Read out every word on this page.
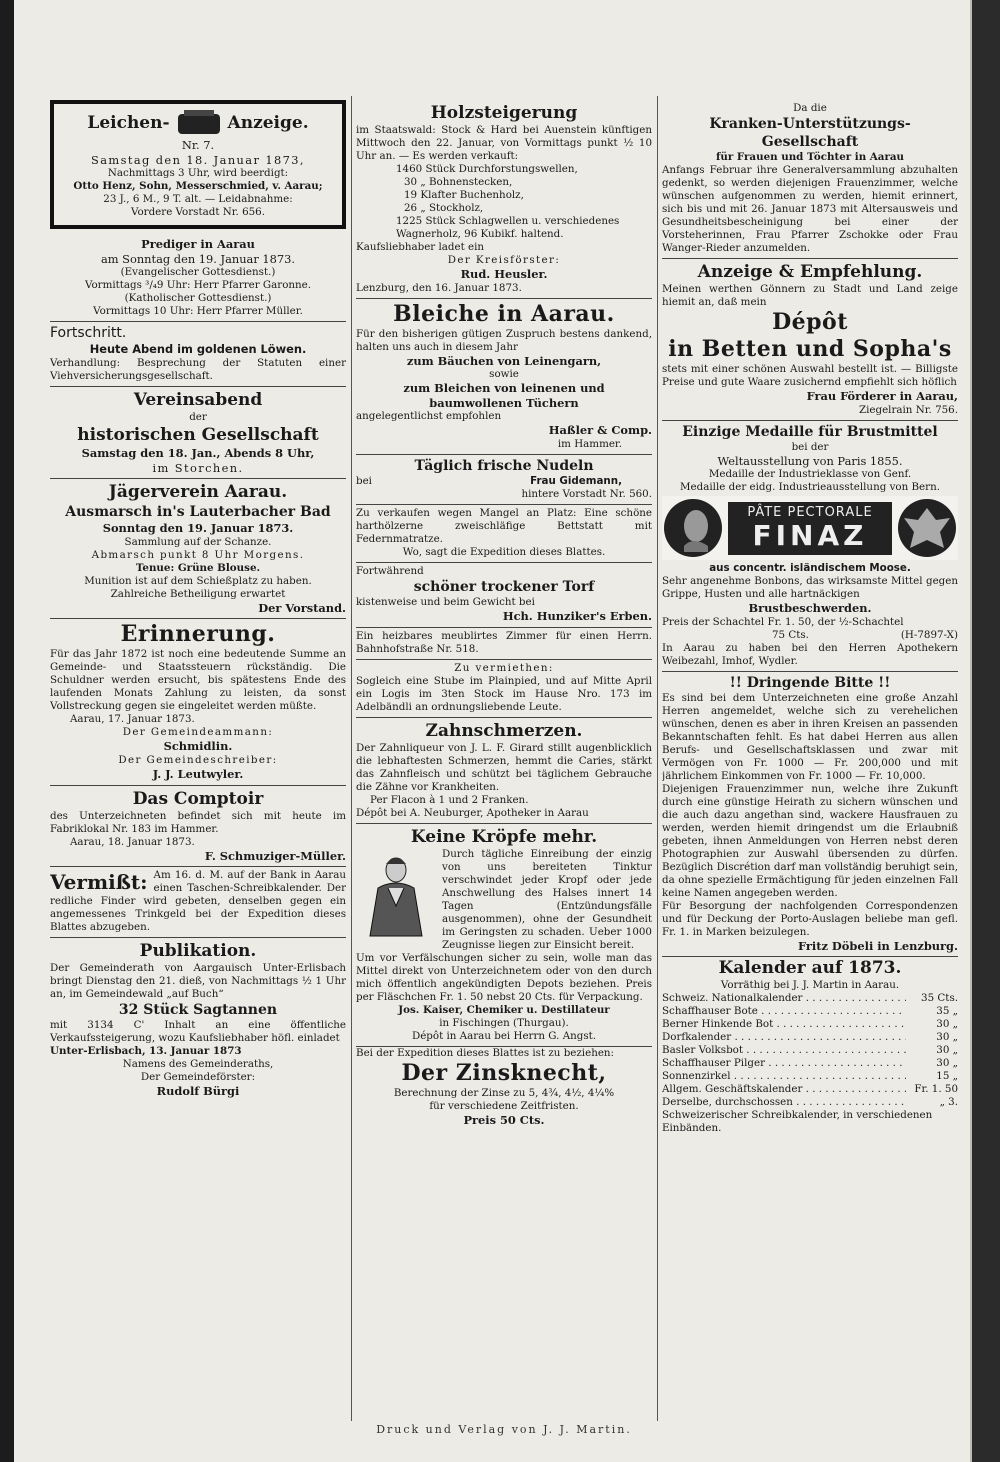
Leichen-	Anzeige.

Nr. 7.

Samstag den 18. Januar 1873,

Nachmittags 3 Uhr, wird beerdigt:

Otto Henz, Sohn, Messerschmied, v. Aarau;

23 J., 6 M., 9 T. alt. — Leidabnahme:

Vordere Vorstadt Nr. 656.

Prediger in Aarau

am Sonntag den 19. Januar 1873.

(Evangelischer Gottesdienst.)

Vormittags ³/₄9 Uhr: Herr Pfarrer Garonne.

(Katholischer Gottesdienst.)

Vormittags 10 Uhr: Herr Pfarrer Müller.

Fortschritt.

Heute Abend im goldenen Löwen.

Verhandlung: Besprechung der Statuten einer Viehversicherungsgesellschaft.

Vereinsabend

der

historischen Gesellschaft

Samstag den 18. Jan., Abends 8 Uhr,

im Storchen.

Jägerverein Aarau.
Ausmarsch in's Lauterbacher Bad

Sonntag den 19. Januar 1873.

Sammlung auf der Schanze.

Abmarsch punkt 8 Uhr Morgens.

Tenue: Grüne Blouse.

Munition ist auf dem Schießplatz zu haben.

Zahlreiche Betheiligung erwartet

Der Vorstand.

Erinnerung.

Für das Jahr 1872 ist noch eine bedeutende Summe an Gemeinde- und Staatssteuern rückständig. Die Schuldner werden ersucht, bis spätestens Ende des laufenden Monats Zahlung zu leisten, da sonst Vollstreckung gegen sie eingeleitet werden müßte.

Aarau, 17. Januar 1873.

Der Gemeindeammann:

Schmidlin.

Der Gemeindeschreiber:

J. J. Leutwyler.

Das Comptoir

des Unterzeichneten befindet sich mit heute im Fabriklokal Nr. 183 im Hammer.

Aarau, 18. Januar 1873.

F. Schmuziger-Müller.

Vermißt: Am 16. d. M. auf der Bank in Aarau einen Taschen-Schreibkalender. Der redliche Finder wird gebeten, denselben gegen ein angemessenes Trinkgeld bei der Expedition dieses Blattes abzugeben.

Publikation.

Der Gemeinderath von Aargauisch Unter-Erlisbach bringt Dienstag den 21. dieß, von Nachmittags ½ 1 Uhr an, im Gemeindewald „auf Buch“

32 Stück Sagtannen

mit 3134 C' Inhalt an eine öffentliche Verkaufssteigerung, wozu Kaufsliebhaber höfl. einladet

Unter-Erlisbach, 13. Januar 1873

Namens des Gemeinderaths,

Der Gemeindeförster:

Rudolf Bürgi

Holzsteigerung

im Staatswald: Stock & Hard bei Auenstein künftigen Mittwoch den 22. Januar, von Vormittags punkt ½ 10 Uhr an. — Es werden verkauft:

1460 Stück Durchforstungswellen,

30 „ Bohnenstecken,

19 Klafter Buchenholz,

26 „ Stockholz,

1225 Stück Schlagwellen u. verschiedenes Wagnerholz, 96 Kubikf. haltend.

Kaufsliebhaber ladet ein

Der Kreisförster:

Rud. Heusler.

Lenzburg, den 16. Januar 1873.

Bleiche in Aarau.

Für den bisherigen gütigen Zuspruch bestens dankend, halten uns auch in diesem Jahr

zum Bäuchen von Leinengarn,

sowie

zum Bleichen von leinenen und

baumwollenen Tüchern

angelegentlichst empfohlen

Haßler & Comp.

im Hammer.

Täglich frische Nudeln
bei	Frau Gidemann,

hintere Vorstadt Nr. 560.

Zu verkaufen wegen Mangel an Platz: Eine schöne harthölzerne zweischläfige Bettstatt mit Federnmatratze.

Wo, sagt die Expedition dieses Blattes.

Fortwährend

schöner trockener Torf

kistenweise und beim Gewicht bei

Hch. Hunziker's Erben.

Ein heizbares meublirtes Zimmer für einen Herrn. Bahnhofstraße Nr. 518.

Zu vermiethen:

Sogleich eine Stube im Plainpied, und auf Mitte April ein Logis im 3ten Stock im Hause Nro. 173 im Adelbändli an ordnungsliebende Leute.

Zahnschmerzen.

Der Zahnliqueur von J. L. F. Girard stillt augenblicklich die lebhaftesten Schmerzen, hemmt die Caries, stärkt das Zahnfleisch und schützt bei täglichem Gebrauche die Zähne vor Krankheiten.

Per Flacon à 1 und 2 Franken.

Dépôt bei A. Neuburger, Apotheker in Aarau

Keine Kröpfe mehr.

Durch tägliche Einreibung der einzig von uns bereiteten Tinktur verschwindet jeder Kropf oder jede Anschwellung des Halses innert 14 Tagen (Entzündungsfälle ausgenommen), ohne der Gesundheit im Geringsten zu schaden. Ueber 1000 Zeugnisse liegen zur Einsicht bereit.

Um vor Verfälschungen sicher zu sein, wolle man das Mittel direkt von Unterzeichnetem oder von den durch mich öffentlich angekündigten Depots beziehen. Preis per Fläschchen Fr. 1. 50 nebst 20 Cts. für Verpackung.

Jos. Kaiser, Chemiker u. Destillateur

in Fischingen (Thurgau).

Dépôt in Aarau bei Herrn G. Angst.

Bei der Expedition dieses Blattes ist zu beziehen:

Der Zinsknecht,

Berechnung der Zinse zu 5, 4¾, 4½, 4¼%

für verschiedene Zeitfristen.

Preis 50 Cts.

Da die

Kranken-Unterstützungs-Gesellschaft

für Frauen und Töchter in Aarau

Anfangs Februar ihre Generalversammlung abzuhalten gedenkt, so werden diejenigen Frauenzimmer, welche wünschen aufgenommen zu werden, hiemit erinnert, sich bis und mit 26. Januar 1873 mit Altersausweis und Gesundheitsbescheinigung bei einer der Vorsteherinnen, Frau Pfarrer Zschokke oder Frau Wanger-Rieder anzumelden.

Anzeige & Empfehlung.

Meinen werthen Gönnern zu Stadt und Land zeige hiemit an, daß mein

Dépôt
in Betten und Sopha's

stets mit einer schönen Auswahl bestellt ist. — Billigste Preise und gute Waare zusichernd empfiehlt sich höflich

Frau Förderer in Aarau,

Ziegelrain Nr. 756.

Einzige Medaille für Brustmittel

bei der

Weltausstellung von Paris 1855.

Medaille der Industrieklasse von Genf.

Medaille der eidg. Industrieausstellung von Bern.

PÂTE PECTORALE
FINAZ

aus concentr. isländischem Moose.

Sehr angenehme Bonbons, das wirksamste Mittel gegen Grippe, Husten und alle hartnäckigen

Brustbeschwerden.

Preis der Schachtel Fr. 1. 50, der ½-Schachtel

75 Cts.	(H-7897-X)

In Aarau zu haben bei den Herren Apothekern Weibezahl, Imhof, Wydler.

!! Dringende Bitte !!

Es sind bei dem Unterzeichneten eine große Anzahl Herren angemeldet, welche sich zu verehelichen wünschen, denen es aber in ihren Kreisen an passenden Bekanntschaften fehlt. Es hat dabei Herren aus allen Berufs- und Gesellschaftsklassen und zwar mit Vermögen von Fr. 1000 — Fr. 200,000 und mit jährlichem Einkommen von Fr. 1000 — Fr. 10,000.

Diejenigen Frauenzimmer nun, welche ihre Zukunft durch eine günstige Heirath zu sichern wünschen und die auch dazu angethan sind, wackere Hausfrauen zu werden, werden hiemit dringendst um die Erlaubniß gebeten, ihnen Anmeldungen von Herren nebst deren Photographien zur Auswahl übersenden zu dürfen. Bezüglich Discrétion darf man vollständig beruhigt sein, da ohne spezielle Ermächtigung für jeden einzelnen Fall keine Namen angegeben werden.

Für Besorgung der nachfolgenden Correspondenzen und für Deckung der Porto-Auslagen beliebe man gefl. Fr. 1. in Marken beizulegen.

Fritz Döbeli in Lenzburg.

Kalender auf 1873.

Vorräthig bei J. J. Martin in Aarau.

Schweiz. Nationalkalender . . .	35 Cts.
Schaffhauser Bote . . .	35 „
Berner Hinkende Bot . . .	30 „
Dorfkalender . . .	30 „
Basler Volksbot . . .	30 „
Schaffhauser Pilger . . .	30 „
Sonnenzirkel . . .	15 „
Allgem. Geschäftskalender . . .	Fr. 1. 50
Derselbe, durchschossen . . .	„ 3.

Schweizerischer Schreibkalender, in verschiedenen Einbänden.

Druck und Verlag von J. J. Martin.
